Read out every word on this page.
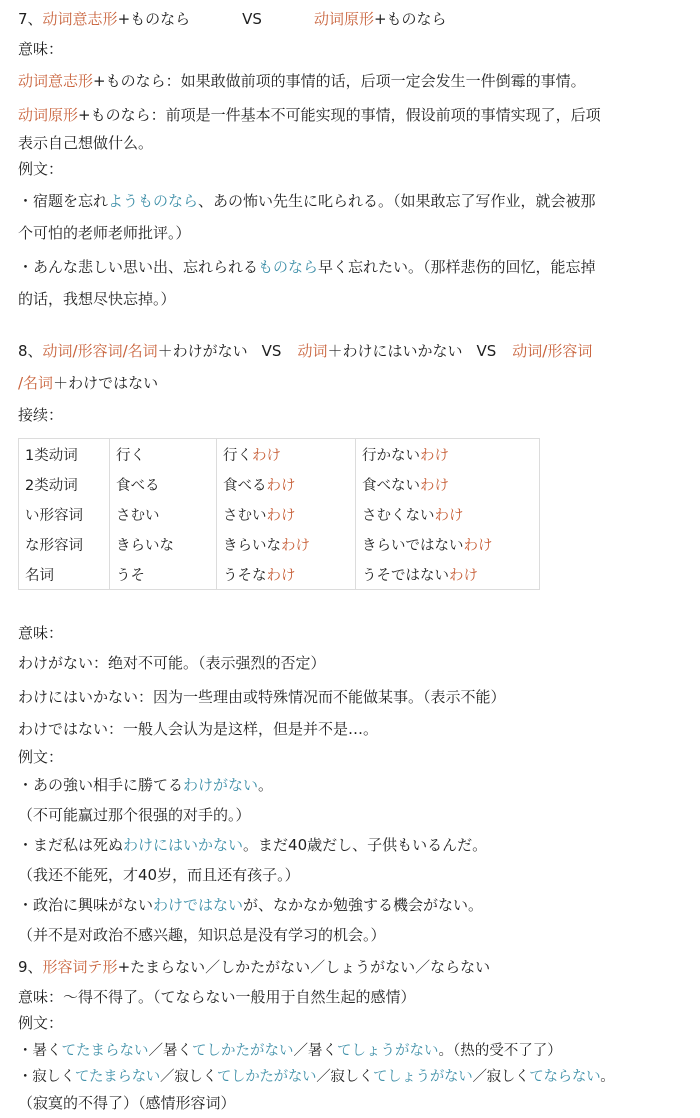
7、动词意志形+ものなら	VS	动词原形+ものなら
意味：
动词意志形+ものなら：如果敢做前项的事情的话，后项一定会发生一件倒霉的事情。
动词原形+ものなら：前项是一件基本不可能实现的事情，假设前项的事情实现了，后项
表示自己想做什么。
例文：
・宿题を忘れようものなら、あの怖い先生に叱られる。（如果敢忘了写作业，就会被那
个可怕的老师老师批评。）
・あんな悲しい思い出、忘れられるものなら早く忘れたい。（那样悲伤的回忆，能忘掉
的话，我想尽快忘掉。）
8、动词/形容词/名词＋わけがない VS 动词＋わけにはいかない VS 动词/形容词
/名词＋わけではない
接续：
1类动词	行く	行くわけ	行かないわけ
2类动词	食べる	食べるわけ	食べないわけ
い形容词	さむい	さむいわけ	さむくないわけ
な形容词	きらいな	きらいなわけ	きらいではないわけ
名词	うそ	うそなわけ	うそではないわけ
意味：
わけがない：绝对不可能。（表示强烈的否定）
わけにはいかない：因为一些理由或特殊情况而不能做某事。（表示不能）
わけではない：一般人会认为是这样，但是并不是…。
例文：
・あの強い相手に勝てるわけがない。
（不可能赢过那个很强的对手的。）
・まだ私は死ぬわけにはいかない。まだ40歳だし、子供もいるんだ。
（我还不能死，才40岁，而且还有孩子。）
・政治に興味がないわけではないが、なかなか勉強する機会がない。
（并不是对政治不感兴趣，知识总是没有学习的机会。）
9、形容词テ形+たまらない／しかたがない／しょうがない／ならない
意味：～得不得了。（てならない一般用于自然生起的感情）
例文：
・暑くてたまらない／暑くてしかたがない／暑くてしょうがない。（热的受不了了）
・寂しくてたまらない／寂しくてしかたがない／寂しくてしょうがない／寂しくてならない。
（寂寞的不得了）（感情形容词）
